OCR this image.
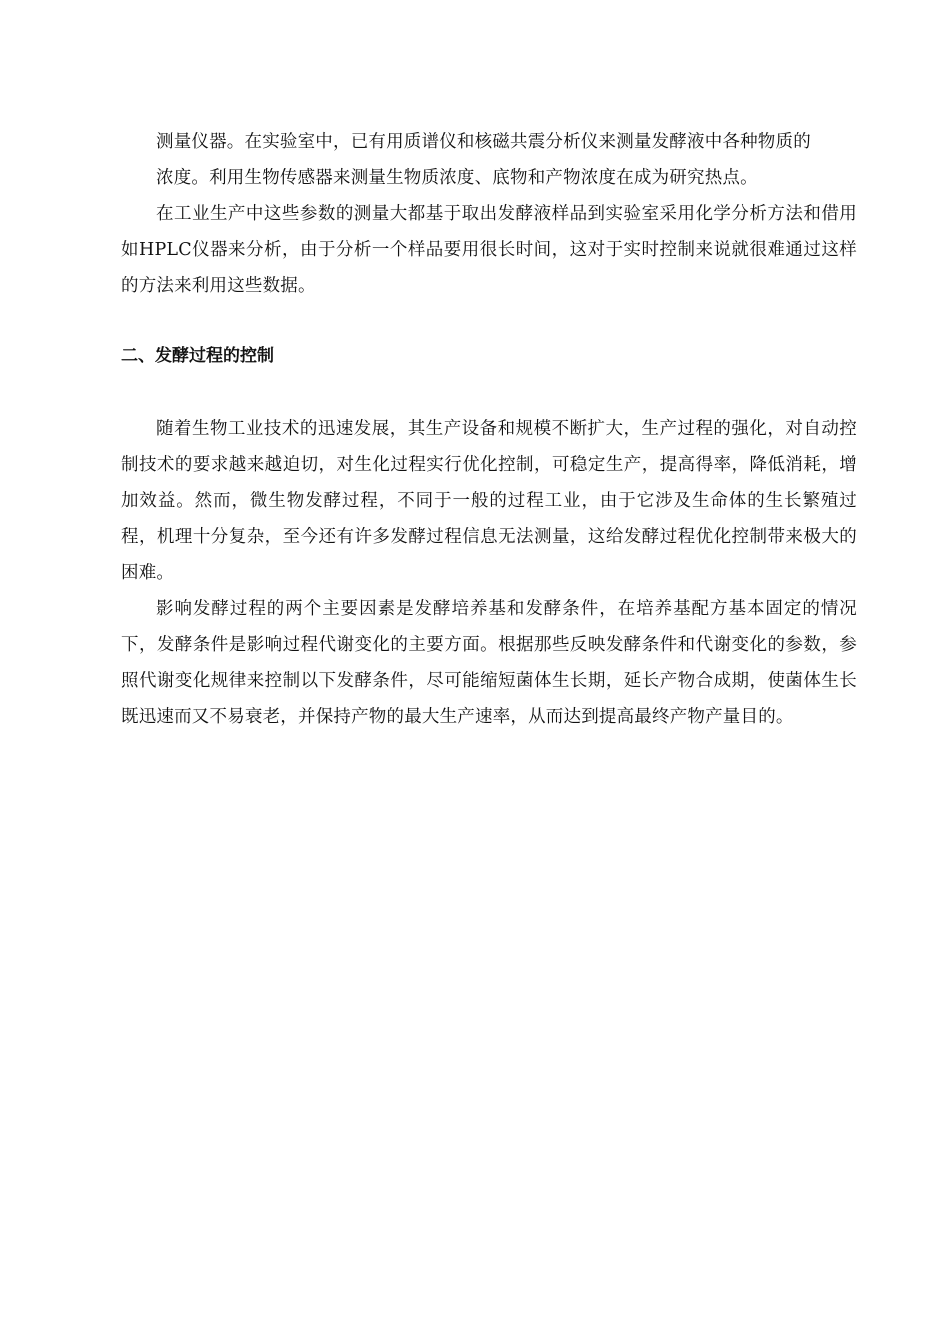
测量仪器。在实验室中，已有用质谱仪和核磁共震分析仪来测量发酵液中各种物质的

浓度。利用生物传感器来测量生物质浓度、底物和产物浓度在成为研究热点。

在工业生产中这些参数的测量大都基于取出发酵液样品到实验室采用化学分析方法和借用如HPLC仪器来分析，由于分析一个样品要用很长时间，这对于实时控制来说就很难通过这样的方法来利用这些数据。

二、发酵过程的控制

随着生物工业技术的迅速发展，其生产设备和规模不断扩大，生产过程的强化，对自动控制技术的要求越来越迫切，对生化过程实行优化控制，可稳定生产，提高得率，降低消耗，增加效益。然而，微生物发酵过程，不同于一般的过程工业，由于它涉及生命体的生长繁殖过程，机理十分复杂，至今还有许多发酵过程信息无法测量，这给发酵过程优化控制带来极大的困难。

影响发酵过程的两个主要因素是发酵培养基和发酵条件，在培养基配方基本固定的情况下，发酵条件是影响过程代谢变化的主要方面。根据那些反映发酵条件和代谢变化的参数，参照代谢变化规律来控制以下发酵条件，尽可能缩短菌体生长期，延长产物合成期，使菌体生长既迅速而又不易衰老，并保持产物的最大生产速率，从而达到提高最终产物产量目的。
